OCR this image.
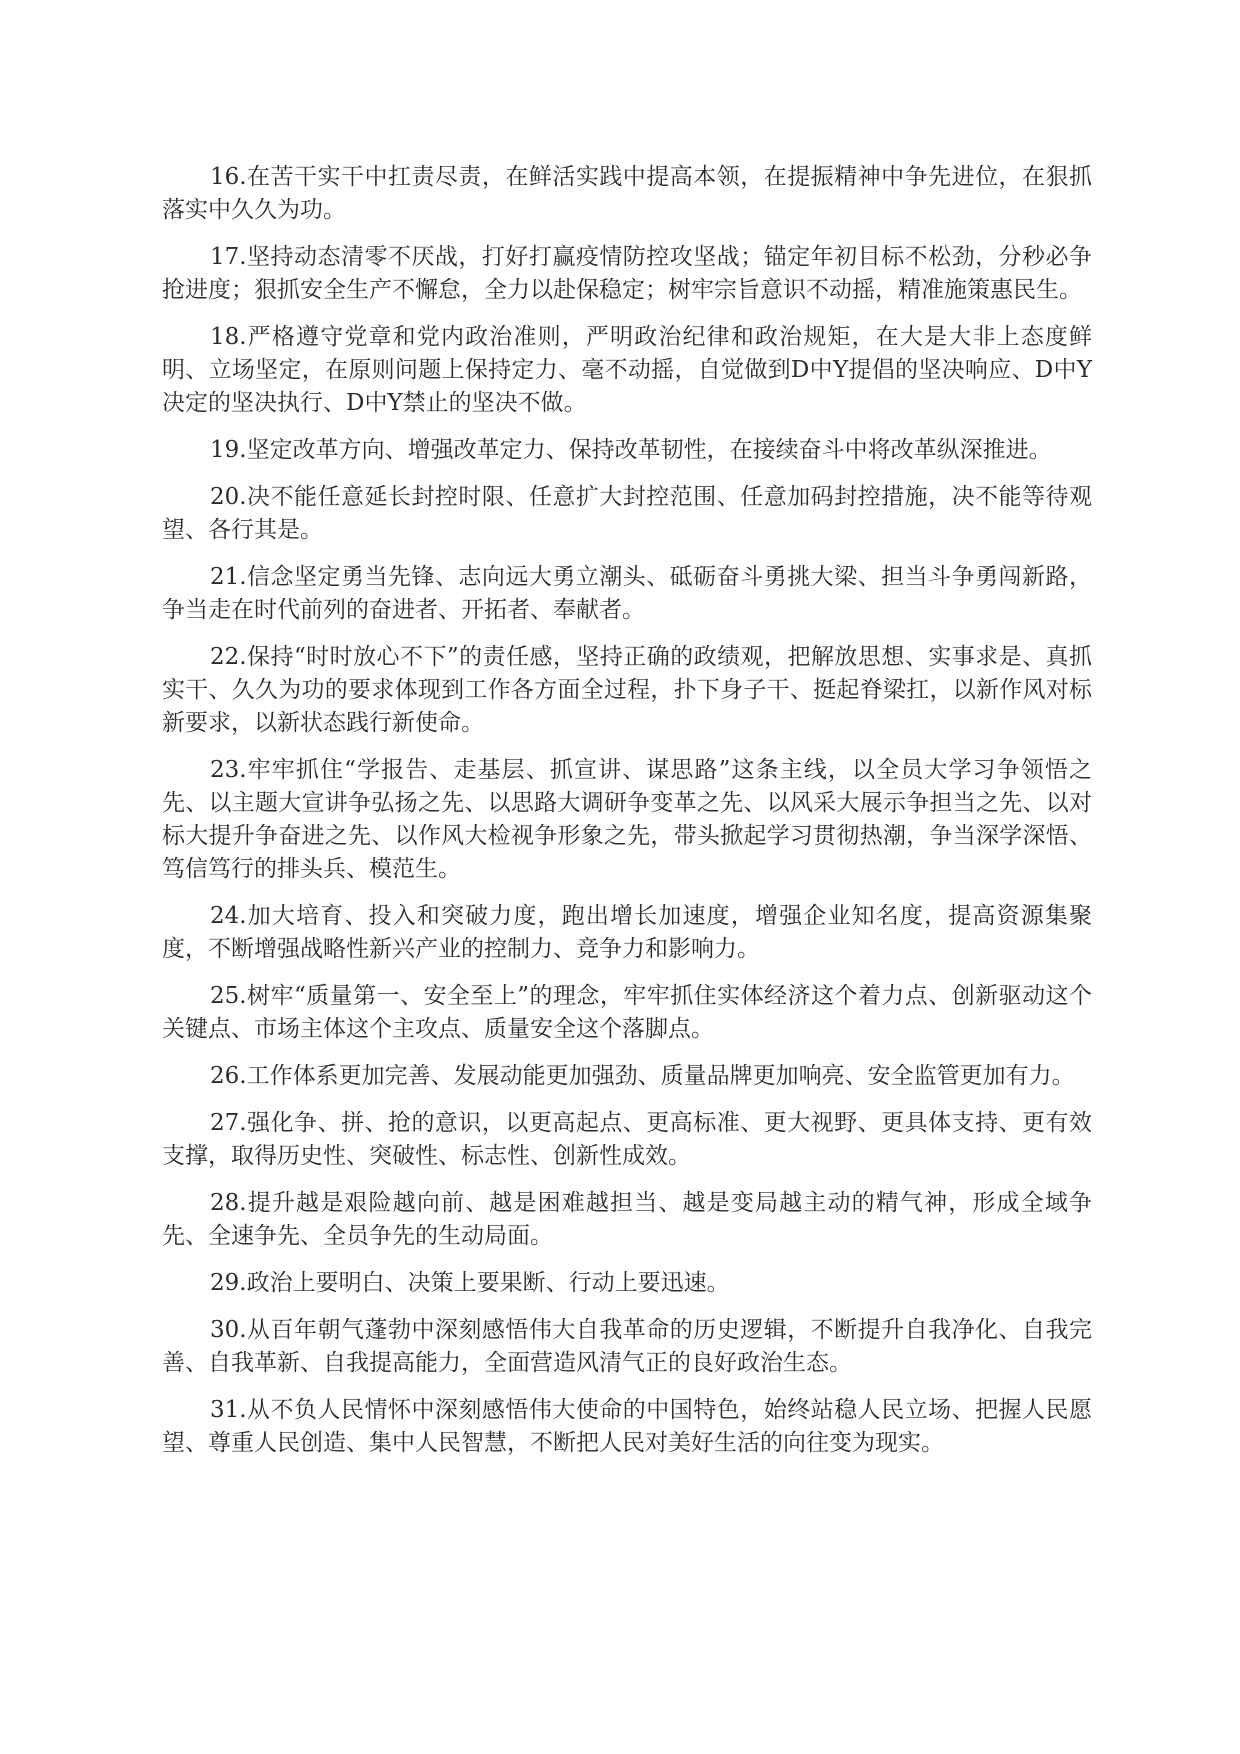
16.在苦干实干中扛责尽责，在鲜活实践中提高本领，在提振精神中争先进位，在狠抓落实中久久为功。

17.坚持动态清零不厌战，打好打赢疫情防控攻坚战；锚定年初目标不松劲，分秒必争抢进度；狠抓安全生产不懈怠，全力以赴保稳定；树牢宗旨意识不动摇，精准施策惠民生。

18.严格遵守党章和党内政治准则，严明政治纪律和政治规矩，在大是大非上态度鲜明、立场坚定，在原则问题上保持定力、毫不动摇，自觉做到D中Y提倡的坚决响应、D中Y决定的坚决执行、D中Y禁止的坚决不做。

19.坚定改革方向、增强改革定力、保持改革韧性，在接续奋斗中将改革纵深推进。

20.决不能任意延长封控时限、任意扩大封控范围、任意加码封控措施，决不能等待观望、各行其是。

21.信念坚定勇当先锋、志向远大勇立潮头、砥砺奋斗勇挑大梁、担当斗争勇闯新路，争当走在时代前列的奋进者、开拓者、奉献者。

22.保持“时时放心不下”的责任感，坚持正确的政绩观，把解放思想、实事求是、真抓实干、久久为功的要求体现到工作各方面全过程，扑下身子干、挺起脊梁扛，以新作风对标新要求，以新状态践行新使命。

23.牢牢抓住“学报告、走基层、抓宣讲、谋思路”这条主线，以全员大学习争领悟之先、以主题大宣讲争弘扬之先、以思路大调研争变革之先、以风采大展示争担当之先、以对标大提升争奋进之先、以作风大检视争形象之先，带头掀起学习贯彻热潮，争当深学深悟、笃信笃行的排头兵、模范生。

24.加大培育、投入和突破力度，跑出增长加速度，增强企业知名度，提高资源集聚度，不断增强战略性新兴产业的控制力、竞争力和影响力。

25.树牢“质量第一、安全至上”的理念，牢牢抓住实体经济这个着力点、创新驱动这个关键点、市场主体这个主攻点、质量安全这个落脚点。

26.工作体系更加完善、发展动能更加强劲、质量品牌更加响亮、安全监管更加有力。

27.强化争、拼、抢的意识，以更高起点、更高标准、更大视野、更具体支持、更有效支撑，取得历史性、突破性、标志性、创新性成效。

28.提升越是艰险越向前、越是困难越担当、越是变局越主动的精气神，形成全域争先、全速争先、全员争先的生动局面。

29.政治上要明白、决策上要果断、行动上要迅速。

30.从百年朝气蓬勃中深刻感悟伟大自我革命的历史逻辑，不断提升自我净化、自我完善、自我革新、自我提高能力，全面营造风清气正的良好政治生态。

31.从不负人民情怀中深刻感悟伟大使命的中国特色，始终站稳人民立场、把握人民愿望、尊重人民创造、集中人民智慧，不断把人民对美好生活的向往变为现实。
